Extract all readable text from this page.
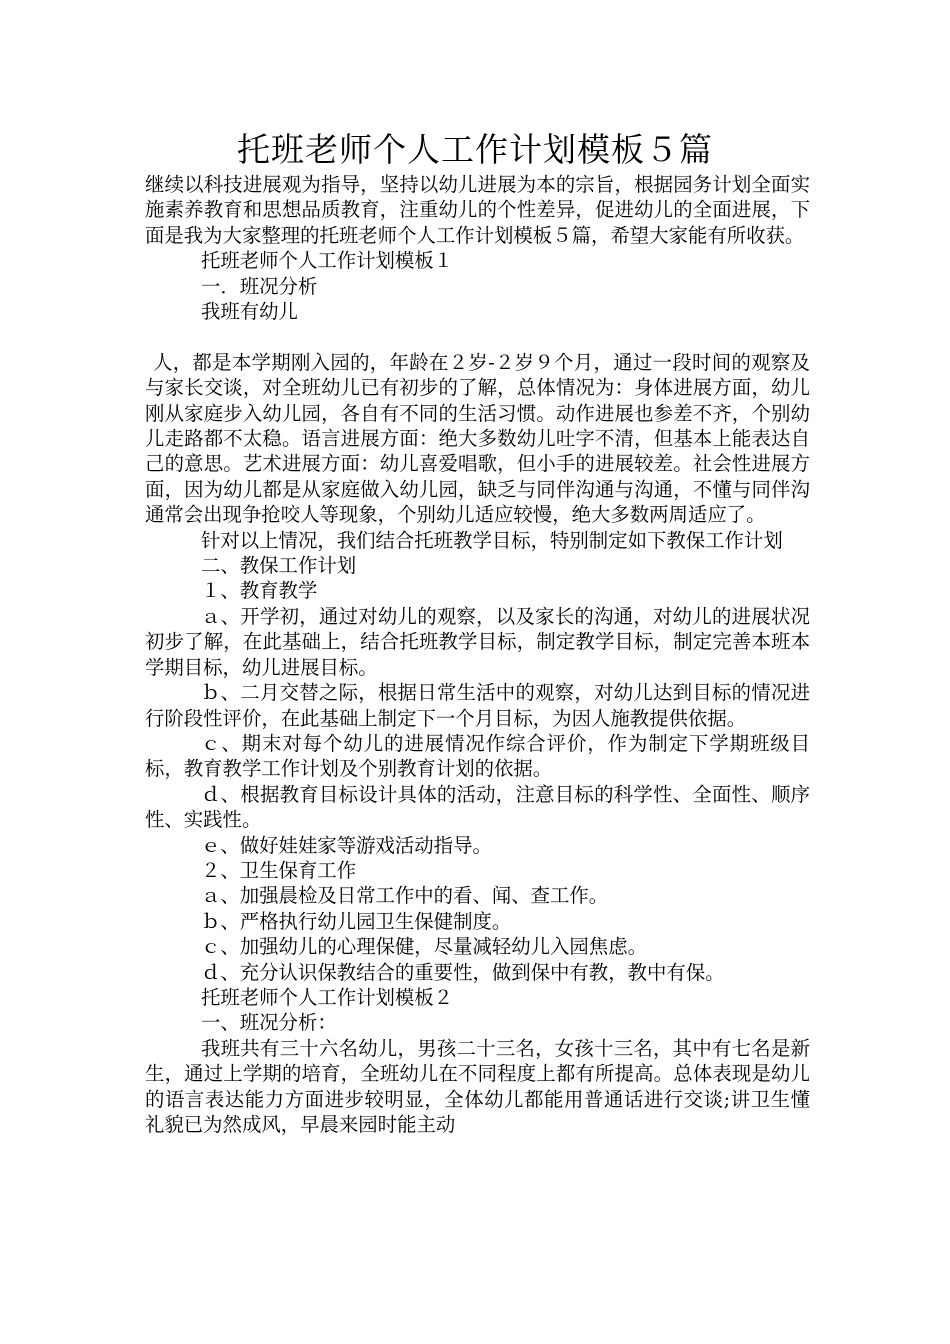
托班老师个人工作计划模板５篇

继续以科技进展观为指导，坚持以幼儿进展为本的宗旨，根据园务计划全面实施素养教育和思想品质教育，注重幼儿的个性差异，促进幼儿的全面进展，下面是我为大家整理的托班老师个人工作计划模板５篇，希望大家能有所收获。

托班老师个人工作计划模板１

一．班况分析

我班有幼儿

人，都是本学期刚入园的，年龄在２岁-２岁９个月，通过一段时间的观察及与家长交谈，对全班幼儿已有初步的了解，总体情况为：身体进展方面，幼儿刚从家庭步入幼儿园，各自有不同的生活习惯。动作进展也参差不齐，个别幼儿走路都不太稳。语言进展方面：绝大多数幼儿吐字不清，但基本上能表达自己的意思。艺术进展方面：幼儿喜爱唱歌，但小手的进展较差。社会性进展方面，因为幼儿都是从家庭做入幼儿园，缺乏与同伴沟通与沟通，不懂与同伴沟通常会出现争抢咬人等现象，个别幼儿适应较慢，绝大多数两周适应了。

针对以上情况，我们结合托班教学目标，特别制定如下教保工作计划

二、教保工作计划

１、教育教学

ａ、开学初，通过对幼儿的观察，以及家长的沟通，对幼儿的进展状况初步了解，在此基础上，结合托班教学目标，制定教学目标，制定完善本班本学期目标，幼儿进展目标。

ｂ、二月交替之际，根据日常生活中的观察，对幼儿达到目标的情况进行阶段性评价，在此基础上制定下一个月目标，为因人施教提供依据。

ｃ、期末对每个幼儿的进展情况作综合评价，作为制定下学期班级目标，教育教学工作计划及个别教育计划的依据。

ｄ、根据教育目标设计具体的活动，注意目标的科学性、全面性、顺序性、实践性。

ｅ、做好娃娃家等游戏活动指导。

２、卫生保育工作

ａ、加强晨检及日常工作中的看、闻、查工作。

ｂ、严格执行幼儿园卫生保健制度。

ｃ、加强幼儿的心理保健，尽量减轻幼儿入园焦虑。

ｄ、充分认识保教结合的重要性，做到保中有教，教中有保。

托班老师个人工作计划模板２

一、班况分析：

我班共有三十六名幼儿，男孩二十三名，女孩十三名，其中有七名是新生，通过上学期的培育，全班幼儿在不同程度上都有所提高。总体表现是幼儿的语言表达能力方面进步较明显，全体幼儿都能用普通话进行交谈;讲卫生懂礼貌已为然成风，早晨来园时能主动
